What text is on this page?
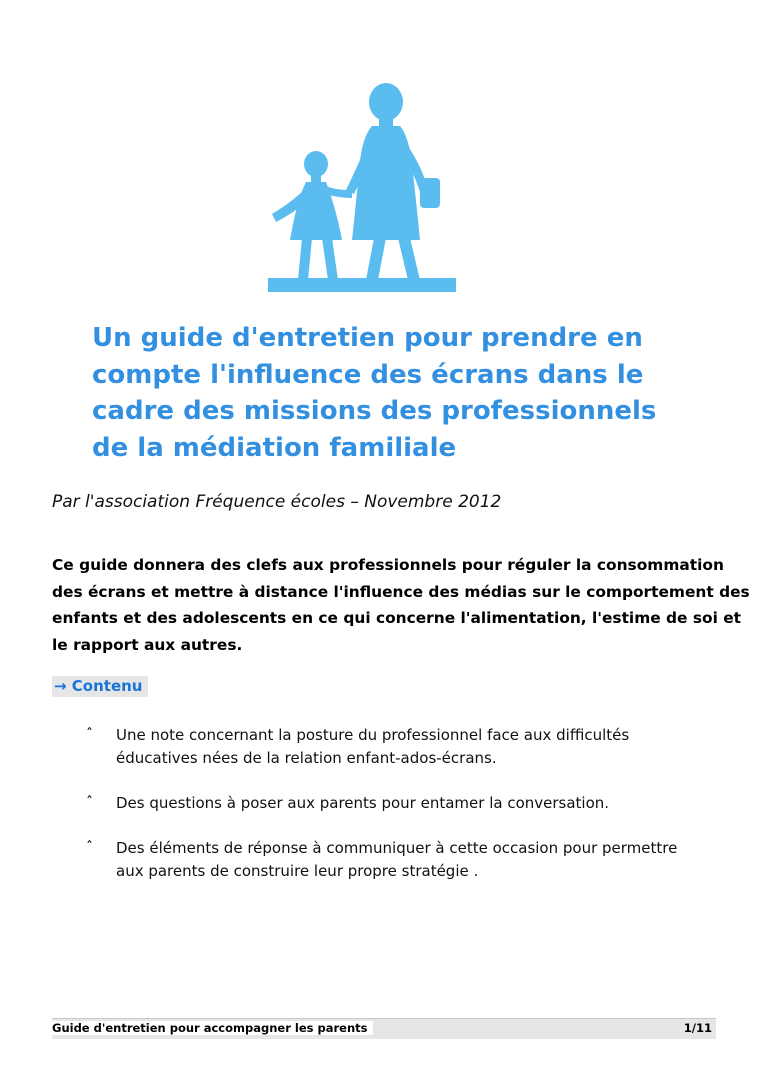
Un guide d'entretien pour prendre en
compte l'influence des écrans dans le
cadre des missions des professionnels
de la médiation familiale
Par l'association Fréquence écoles – Novembre 2012
Ce guide donnera des clefs aux professionnels pour réguler la consommation
des écrans et mettre à distance l'influence des médias sur le comportement des
enfants et des adolescents en ce qui concerne l'alimentation, l'estime de soi et
le rapport aux autres.
→ Contenu
ˆ Une note concernant la posture du professionnel face aux difficultés
éducatives nées de la relation enfant-ados-écrans.
ˆ Des questions à poser aux parents pour entamer la conversation.
ˆ Des éléments de réponse à communiquer à cette occasion pour permettre
aux parents de construire leur propre stratégie .
Guide d'entretien pour accompagner les parents	1/11
